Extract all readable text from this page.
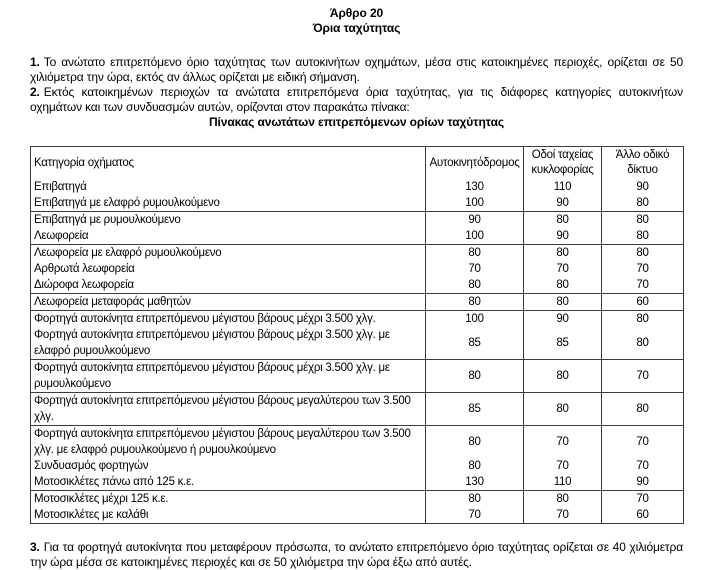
Άρθρο 20
Όρια ταχύτητας

1. Το ανώτατο επιτρεπόμενο όριο ταχύτητας των αυτοκινήτων οχημάτων, μέσα στις κατοικημένες περιοχές, ορίζεται σε 50 χιλιόμετρα την ώρα, εκτός αν άλλως ορίζεται με ειδική σήμανση.

2. Εκτός κατοικημένων περιοχών τα ανώτατα επιτρεπόμενα όρια ταχύτητας, για τις διάφορες κατηγορίες αυτοκινήτων οχημάτων και των συνδυασμών αυτών, ορίζονται στον παρακάτω πίνακα:

Πίνακας ανωτάτων επιτρεπόμενων ορίων ταχύτητας
Κατηγορία οχήματος	Αυτοκινητόδρο​μος	Οδοί ταχείας κυκλοφορίας	Άλλο οδικό δίκτυο
Επιβατηγά	130	110	90
Επιβατηγά με ελαφρό ρυμουλκούμενο	100	90	80
Επιβατηγά με ρυμουλκούμενο	90	80	80
Λεωφορεία	100	90	80
Λεωφορεία με ελαφρό ρυμουλκούμενο	80	80	80
Αρθρωτά λεωφορεία	70	70	70
Διώροφα λεωφορεία	80	80	70
Λεωφορεία μεταφοράς μαθητών	80	80	60
Φορτηγά αυτοκίνητα επιτρεπόμενου μέγιστου βάρους μέχρι 3.500 χλγ.	100	90	80
Φορτηγά αυτοκίνητα επιτρεπόμενου μέγιστου βάρους μέχρι 3.500 χλγ. με ελαφρό ρυμουλκούμενο	85	85	80
Φορτηγά αυτοκίνητα επιτρεπόμενου μέγιστου βάρους μέχρι 3.500 χλγ. με ρυμουλκούμενο	80	80	70
Φορτηγά αυτοκίνητα επιτρεπόμενου μέγιστου βάρους μεγαλύτερου των 3.500 χλγ.	85	80	80
Φορτηγά αυτοκίνητα επιτρεπόμενου μέγιστου βάρους μεγαλύτερου των 3.500 χλγ. με ελαφρό ρυμουλκούμενο ή ρυμουλκούμενο	80	70	70
Συνδυασμός φορτηγών	80	70	70
Μοτοσικλέτες πάνω από 125 κ.ε.	130	110	90
Μοτοσικλέτες μέχρι 125 κ.ε.	80	80	70
Μοτοσικλέτες με καλάθι	70	70	60

3. Για τα φορτηγά αυτοκίνητα που μεταφέρουν πρόσωπα, το ανώτατο επιτρεπόμενο όριο ταχύτητας ορίζεται σε 40 χιλιόμετρα την ώρα μέσα σε κατοικημένες περιοχές και σε 50 χιλιόμετρα την ώρα έξω από αυτές.
